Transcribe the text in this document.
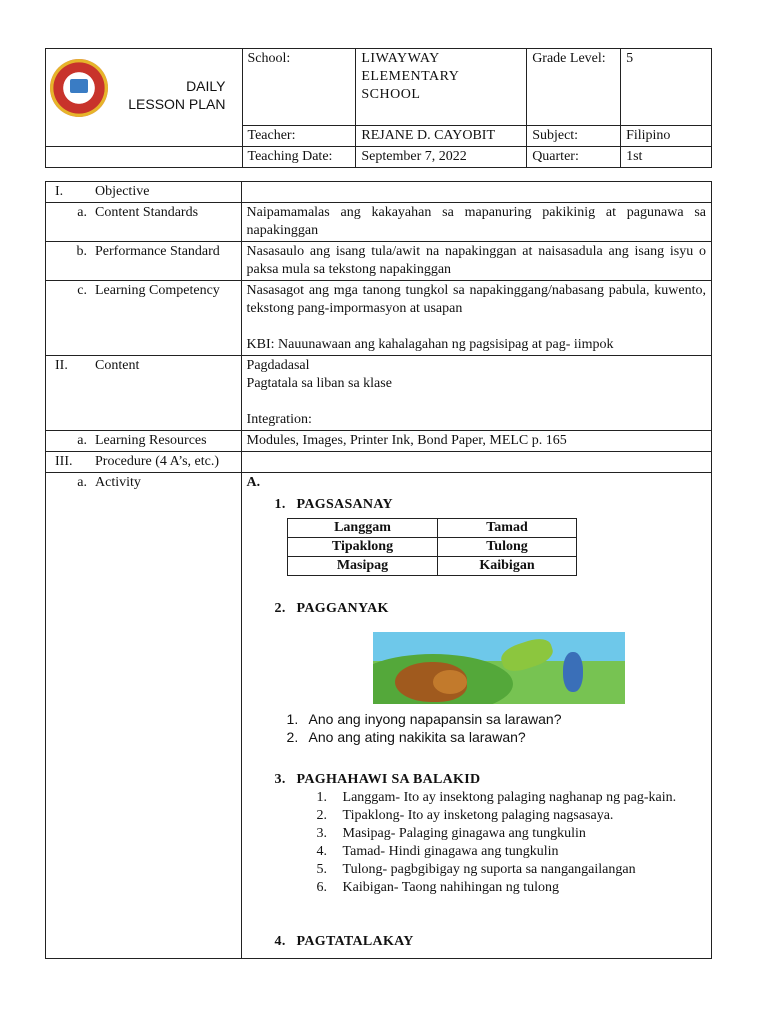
DAILY
LESSON PLAN	School:	LIWAYWAY ELEMENTARY SCHOOL	Grade Level:	5
	Teacher:	REJANE D. CAYOBIT	Subject:	Filipino
	Teaching Date:	September 7, 2022	Quarter:	1st
I. Objective	

a. Content Standards	Naipamamalas ang kakayahan sa mapanuring pakikinig at pagunawa sa napakinggan

b. Performance Standard	Nasasaulo ang isang tula/awit na napakinggan at naisasadula ang isang isyu o paksa mula sa tekstong napakinggan

c. Learning Competency	Nasasagot ang mga tanong tungkol sa napakinggang/nabasang pabula, kuwento, tekstong pang-impormasyon at usapan
KBI: Nauunawaan ang kahalagahan ng pagsisipag at pag- iimpok

II. Content	Pagdadasal
Pagtatala sa liban sa klase
Integration:

a. Learning Resources	Modules, Images, Printer Ink, Bond Paper, MELC p. 165

III.	Procedure (4 A’s, etc.)

a. Activity	A.
1. PAGSASANAY
Langgam	Tamad
Tipaklong	Tulong
Masipag	Kaibigan
2. PAGGANYAK
1. Ano ang inyong napapansin sa larawan?
2. Ano ang ating nakikita sa larawan?
3. PAGHAHAWI SA BALAKID
1.	Langgam- Ito ay insektong palaging naghanap ng pag-kain.
2.	Tipaklong- Ito ay insketong palaging nagsasaya.
3.	Masipag- Palaging ginagawa ang tungkulin
4.	Tamad- Hindi ginagawa ang tungkulin
5.	Tulong- pagbgibigay ng suporta sa nangangailangan
6.	Kaibigan- Taong nahihingan ng tulong
4. PAGTATALAKAY
